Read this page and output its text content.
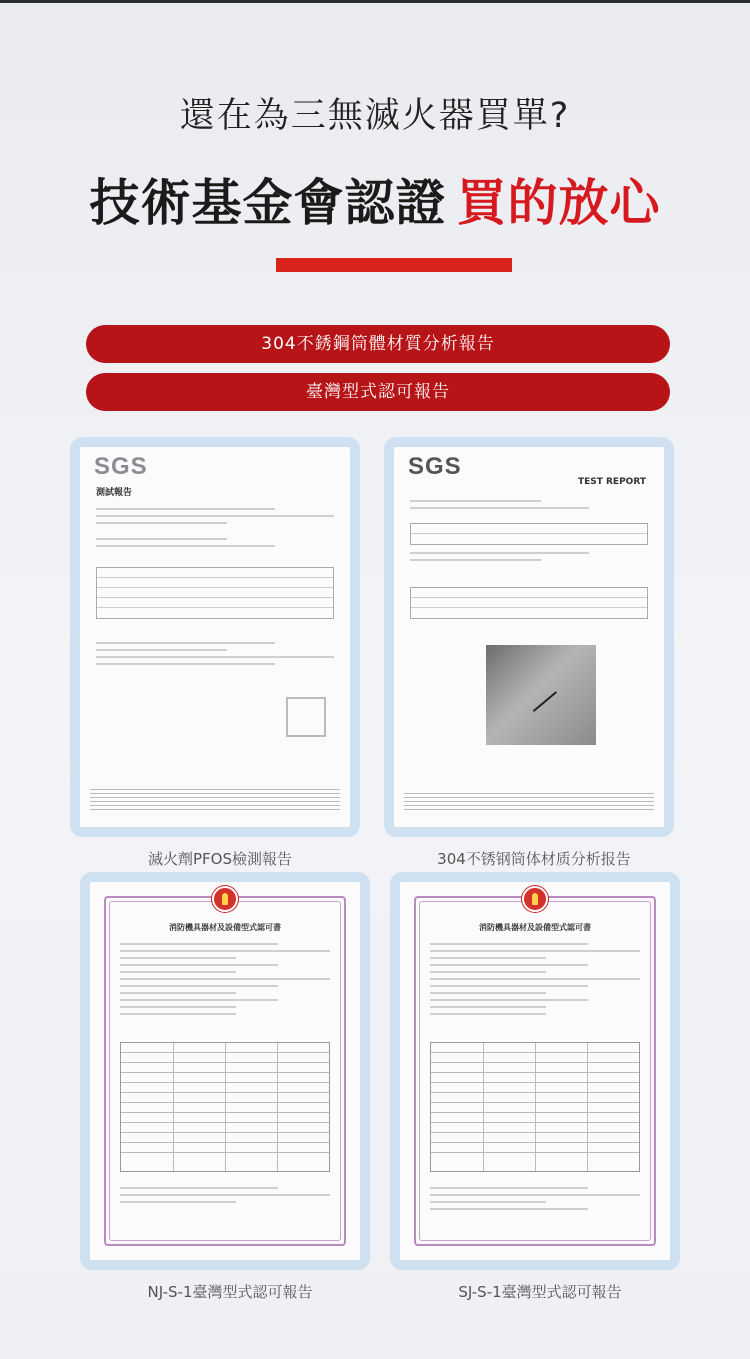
還在為三無滅火器買單?
技術基金會認證 買的放心
304不銹鋼筒體材質分析報告
臺灣型式認可報告
SGS
測試報告
滅火劑PFOS檢測報告
SGS
TEST REPORT
304不锈钢筒体材质分析报告
消防機具器材及設備型式認可書
NJ-S-1臺灣型式認可報告
消防機具器材及設備型式認可書
SJ-S-1臺灣型式認可報告
